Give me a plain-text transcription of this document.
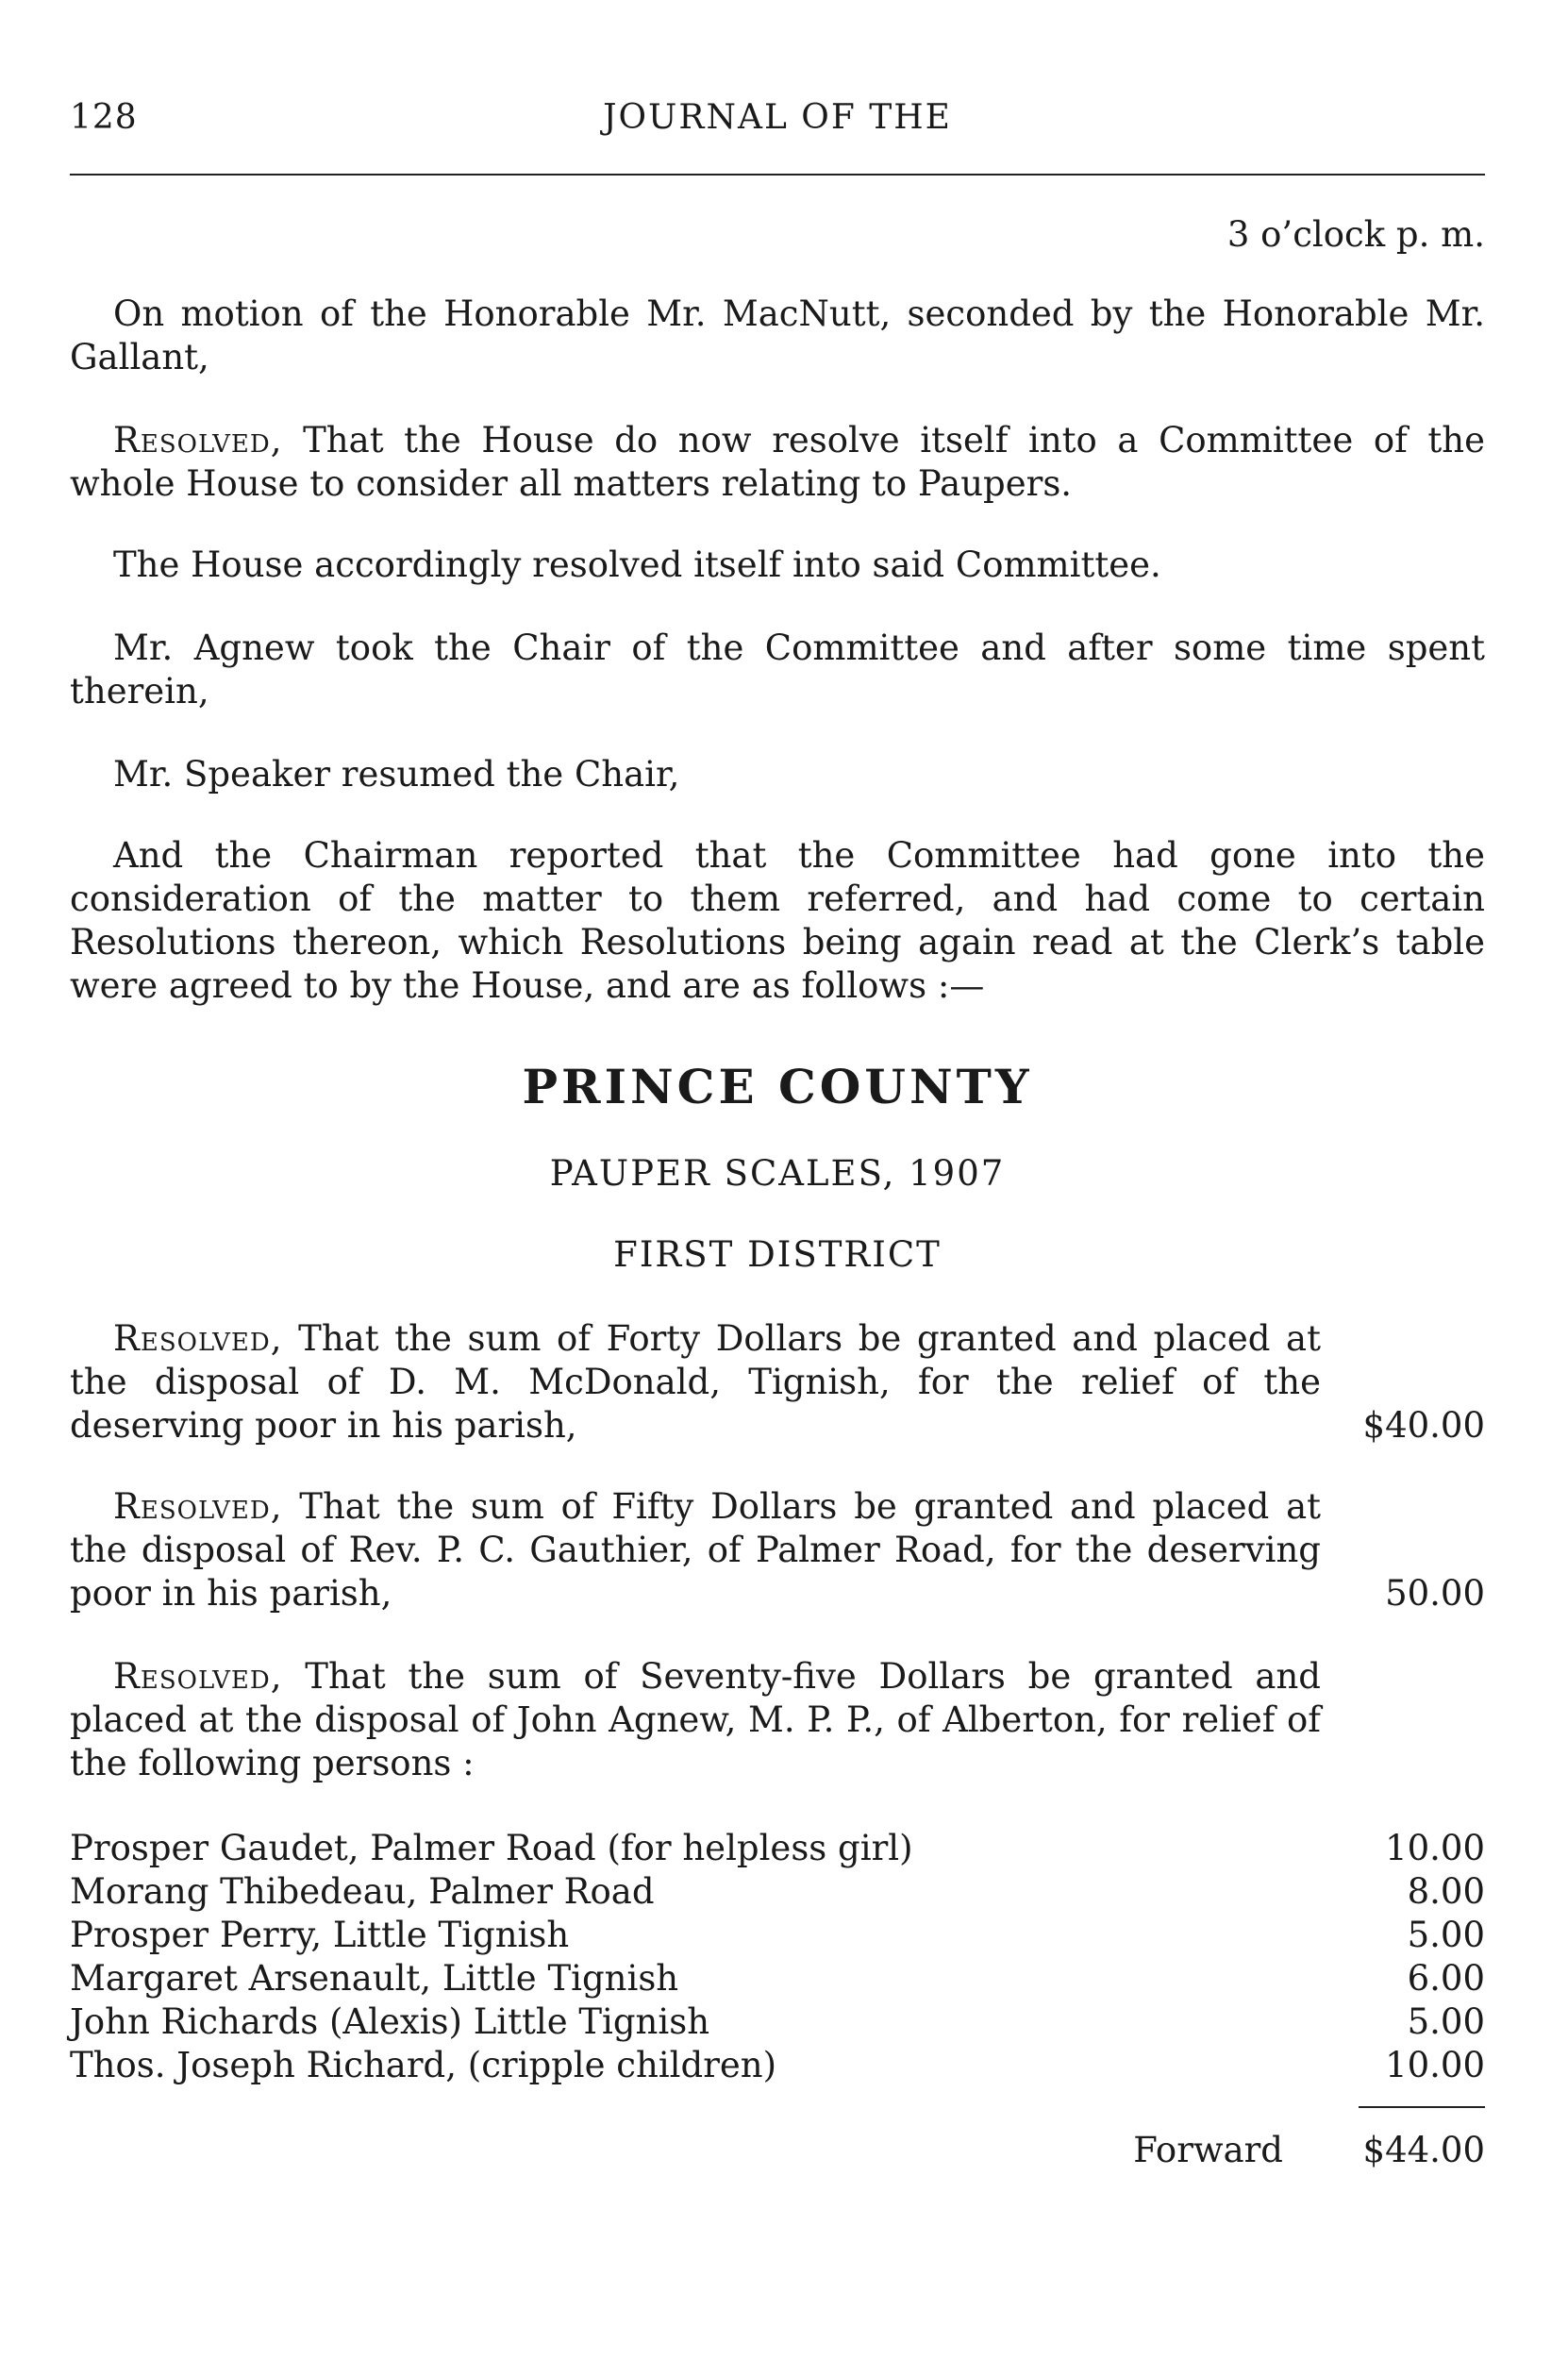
128	JOURNAL OF THE
3 o’clock p. m.
On motion of the Honorable Mr. MacNutt, seconded by the Honorable Mr. Gallant,
Resolved, That the House do now resolve itself into a Committee of the whole House to consider all matters relating to Paupers.
The House accordingly resolved itself into said Committee.
Mr. Agnew took the Chair of the Committee and after some time spent therein,
Mr. Speaker resumed the Chair,
And the Chairman reported that the Committee had gone into the consideration of the matter to them referred, and had come to certain Resolutions thereon, which Resolutions being again read at the Clerk’s table were agreed to by the House, and are as follows :—
PRINCE COUNTY
PAUPER SCALES, 1907
FIRST DISTRICT
Resolved, That the sum of Forty Dollars be granted and placed at the disposal of D. M. McDonald, Tignish, for the relief of the deserving poor in his parish,	$40.00
Resolved, That the sum of Fifty Dollars be granted and placed at the disposal of Rev. P. C. Gauthier, of Palmer Road, for the deserving poor in his parish,	50.00
Resolved, That the sum of Seventy-five Dollars be granted and placed at the disposal of John Agnew, M. P. P., of Alberton, for relief of the following persons :
Prosper Gaudet, Palmer Road (for helpless girl)	10.00
Morang Thibedeau, Palmer Road	8.00
Prosper Perry, Little Tignish	5.00
Margaret Arsenault, Little Tignish	6.00
John Richards (Alexis) Little Tignish	5.00
Thos. Joseph Richard, (cripple children)	10.00
Forward	$44.00
